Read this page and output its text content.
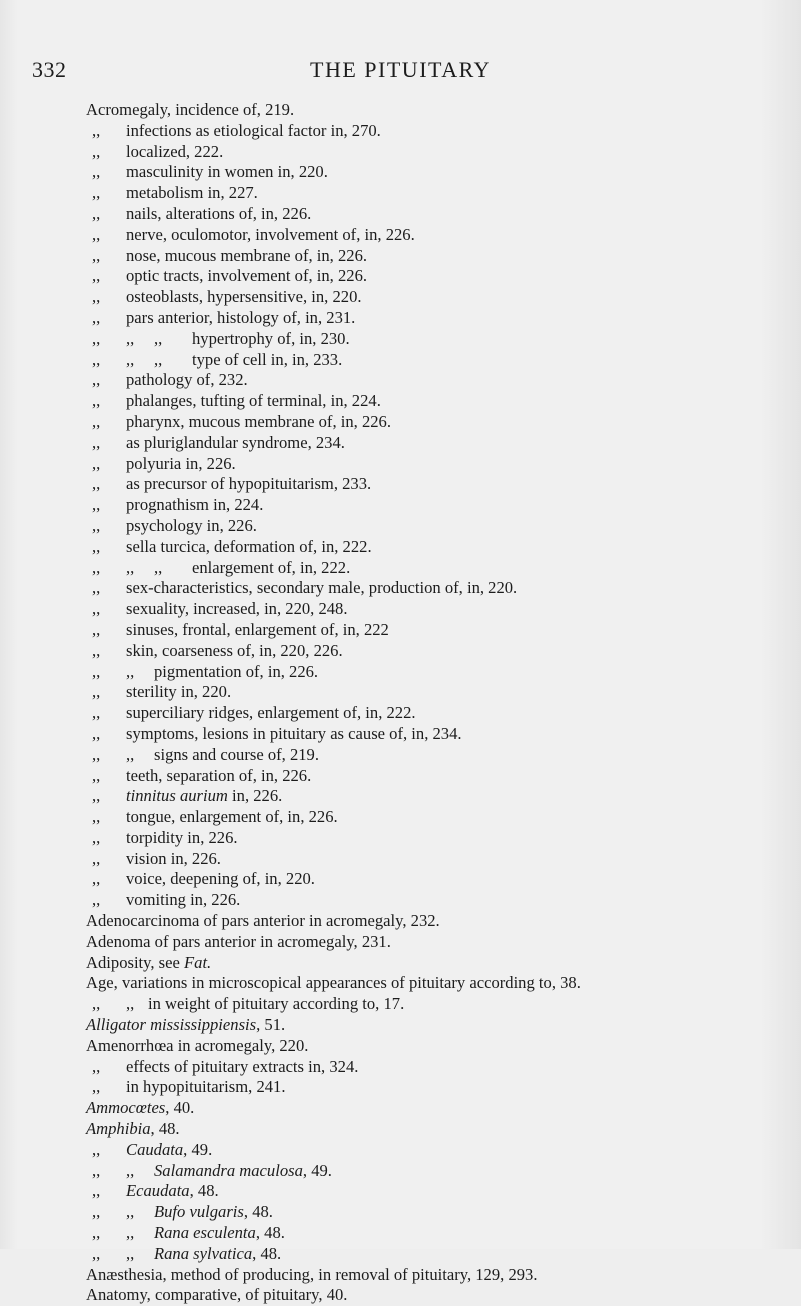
332	THE PITUITARY
Acromegaly, incidence of, 219.
,, infections as etiological factor in, 270.
,, localized, 222.
,, masculinity in women in, 220.
,, metabolism in, 227.
,, nails, alterations of, in, 226.
,, nerve, oculomotor, involvement of, in, 226.
,, nose, mucous membrane of, in, 226.
,, optic tracts, involvement of, in, 226.
,, osteoblasts, hypersensitive, in, 220.
,, pars anterior, histology of, in, 231.
,, ,, ,, hypertrophy of, in, 230.
,, ,, ,, type of cell in, in, 233.
,, pathology of, 232.
,, phalanges, tufting of terminal, in, 224.
,, pharynx, mucous membrane of, in, 226.
,, as pluriglandular syndrome, 234.
,, polyuria in, 226.
,, as precursor of hypopituitarism, 233.
,, prognathism in, 224.
,, psychology in, 226.
,, sella turcica, deformation of, in, 222.
,, ,, ,, enlargement of, in, 222.
,, sex-characteristics, secondary male, production of, in, 220.
,, sexuality, increased, in, 220, 248.
,, sinuses, frontal, enlargement of, in, 222
,, skin, coarseness of, in, 220, 226.
,, ,, pigmentation of, in, 226.
,, sterility in, 220.
,, superciliary ridges, enlargement of, in, 222.
,, symptoms, lesions in pituitary as cause of, in, 234.
,, ,, signs and course of, 219.
,, teeth, separation of, in, 226.
,, tinnitus aurium in, 226.
,, tongue, enlargement of, in, 226.
,, torpidity in, 226.
,, vision in, 226.
,, voice, deepening of, in, 220.
,, vomiting in, 226.
Adenocarcinoma of pars anterior in acromegaly, 232.
Adenoma of pars anterior in acromegaly, 231.
Adiposity, see Fat.
Age, variations in microscopical appearances of pituitary according to, 38.
,, ,, in weight of pituitary according to, 17.
Alligator mississippiensis, 51.
Amenorrhœa in acromegaly, 220.
,, effects of pituitary extracts in, 324.
,, in hypopituitarism, 241.
Ammocœtes, 40.
Amphibia, 48.
,, Caudata, 49.
,, ,, Salamandra maculosa, 49.
,, Ecaudata, 48.
,, ,, Bufo vulgaris, 48.
,, ,, Rana esculenta, 48.
,, ,, Rana sylvatica, 48.
Anæsthesia, method of producing, in removal of pituitary, 129, 293.
Anatomy, comparative, of pituitary, 40.
